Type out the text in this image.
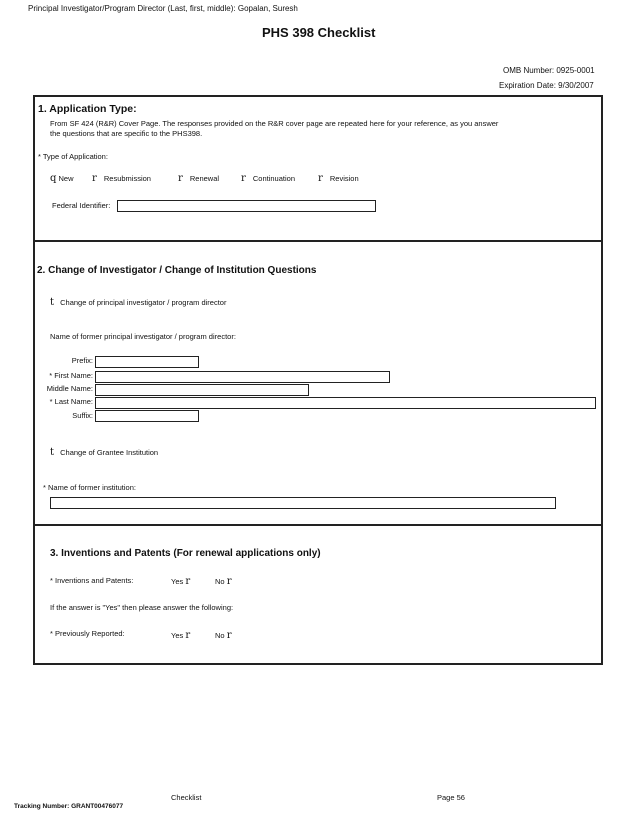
Principal Investigator/Program Director (Last, first, middle): Gopalan, Suresh
PHS 398 Checklist
OMB Number: 0925-0001
Expiration Date: 9/30/2007
1. Application Type:
From SF 424 (R&R) Cover Page. The responses provided on the R&R cover page are repeated here for your reference, as you answer
the questions that are specific to the PHS398.
* Type of Application:
q New r Resubmission	r Renewal r Continuation r Revision
Federal Identifier:
2. Change of Investigator / Change of Institution Questions
t Change of principal investigator / program director
Name of former principal investigator / program director:
Prefix:
* First Name:
Middle Name:
* Last Name:
Suffix:
t Change of Grantee Institution
* Name of former institution:
3. Inventions and Patents (For renewal applications only)
* Inventions and Patents:	Yes r	No r
If the answer is "Yes" then please answer the following:
* Previously Reported:	Yes r	No r
Checklist	Page 56
Tracking Number: GRANT00476077
